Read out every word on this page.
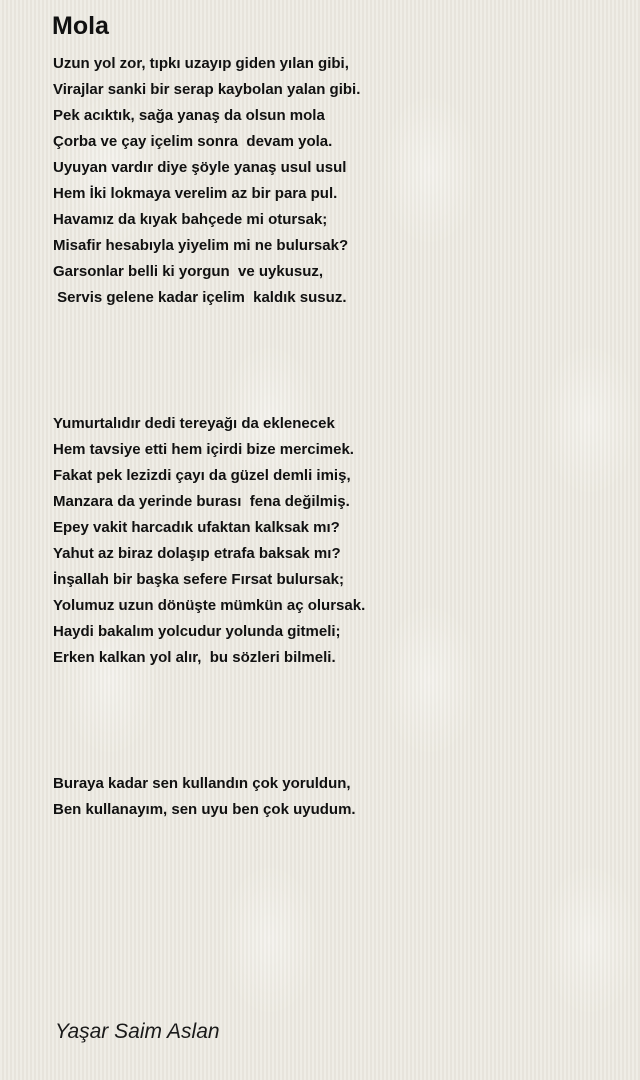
Mola
Uzun yol zor, tıpkı uzayıp giden yılan gibi,
Virajlar sanki bir serap kaybolan yalan gibi.
Pek acıktık, sağa yanaş da olsun mola
Çorba ve çay içelim sonra  devam yola.
Uyuyan vardır diye şöyle yanaş usul usul
Hem İki lokmaya verelim az bir para pul.
Havamız da kıyak bahçede mi otursak;
Misafir hesabıyla yiyelim mi ne bulursak?
Garsonlar belli ki yorgun  ve uykusuz,
Servis gelene kadar içelim  kaldık susuz.
Yumurtalıdır dedi tereyağı da eklenecek
Hem tavsiye etti hem içirdi bize mercimek.
Fakat pek lezizdi çayı da güzel demli imiş,
Manzara da yerinde burası  fena değilmiş.
Epey vakit harcadık ufaktan kalksak mı?
Yahut az biraz dolaşıp etrafa baksak mı?
İnşallah bir başka sefere Fırsat bulursak;
Yolumuz uzun dönüşte mümkün aç olursak.
Haydi bakalım yolcudur yolunda gitmeli;
Erken kalkan yol alır,  bu sözleri bilmeli.
Buraya kadar sen kullandın çok yoruldun,
Ben kullanayım, sen uyu ben çok uyudum.

Yaşar Saim Aslan
